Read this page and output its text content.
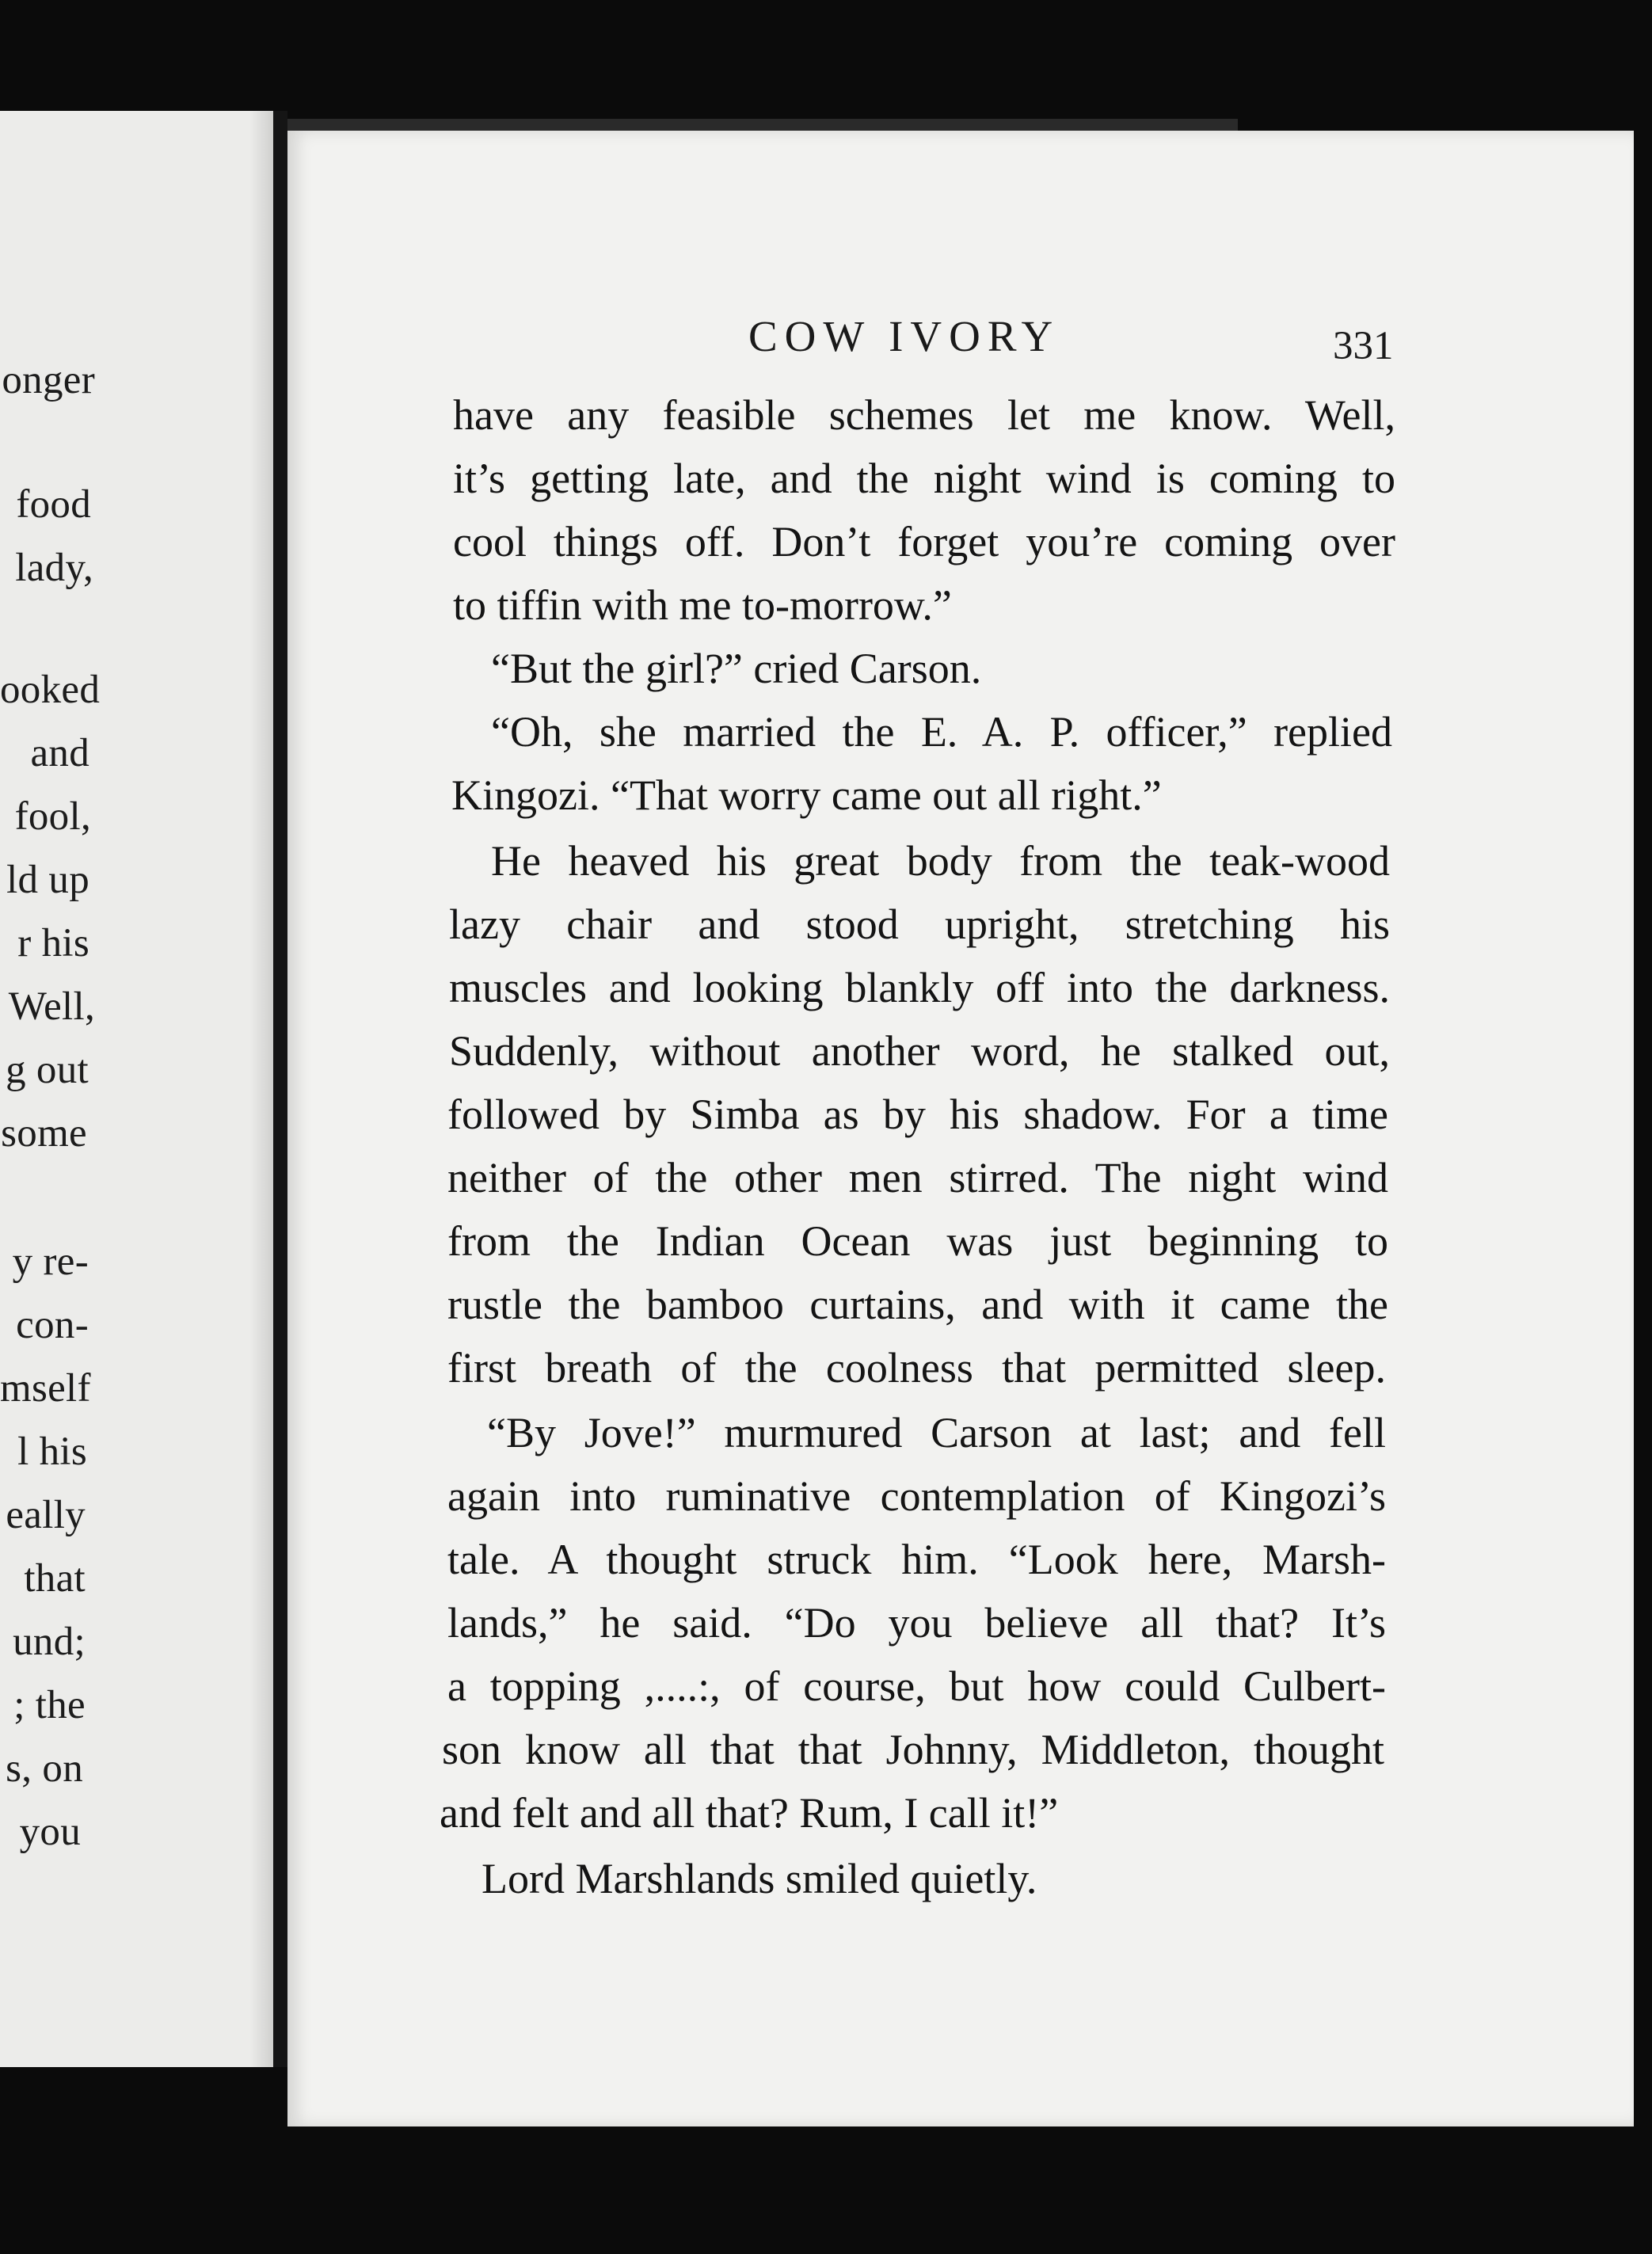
COW IVORY	331
onger
food
lady,
ooked
and
fool,
ld up
r his
Well,
g out
some
y re-
con-
mself
l his
eally
that
und;
; the
s, on
you
have any feasible schemes let me know. Well,
it’s getting late, and the night wind is coming to
cool things off. Don’t forget you’re coming over
to tiffin with me to-morrow.”
“But the girl?” cried Carson.
“Oh, she married the E. A. P. officer,” replied
Kingozi. “That worry came out all right.”
He heaved his great body from the teak-wood
lazy chair and stood upright, stretching his
muscles and looking blankly off into the darkness.
Suddenly, without another word, he stalked out,
followed by Simba as by his shadow. For a time
neither of the other men stirred. The night wind
from the Indian Ocean was just beginning to
rustle the bamboo curtains, and with it came the
first breath of the coolness that permitted sleep.
“By Jove!” murmured Carson at last; and fell
again into ruminative contemplation of Kingozi’s
tale. A thought struck him. “Look here, Marsh-
lands,” he said. “Do you believe all that? It’s
a topping ,....:, of course, but how could Culbert-
son know all that that Johnny, Middleton, thought
and felt and all that? Rum, I call it!”
Lord Marshlands smiled quietly.
